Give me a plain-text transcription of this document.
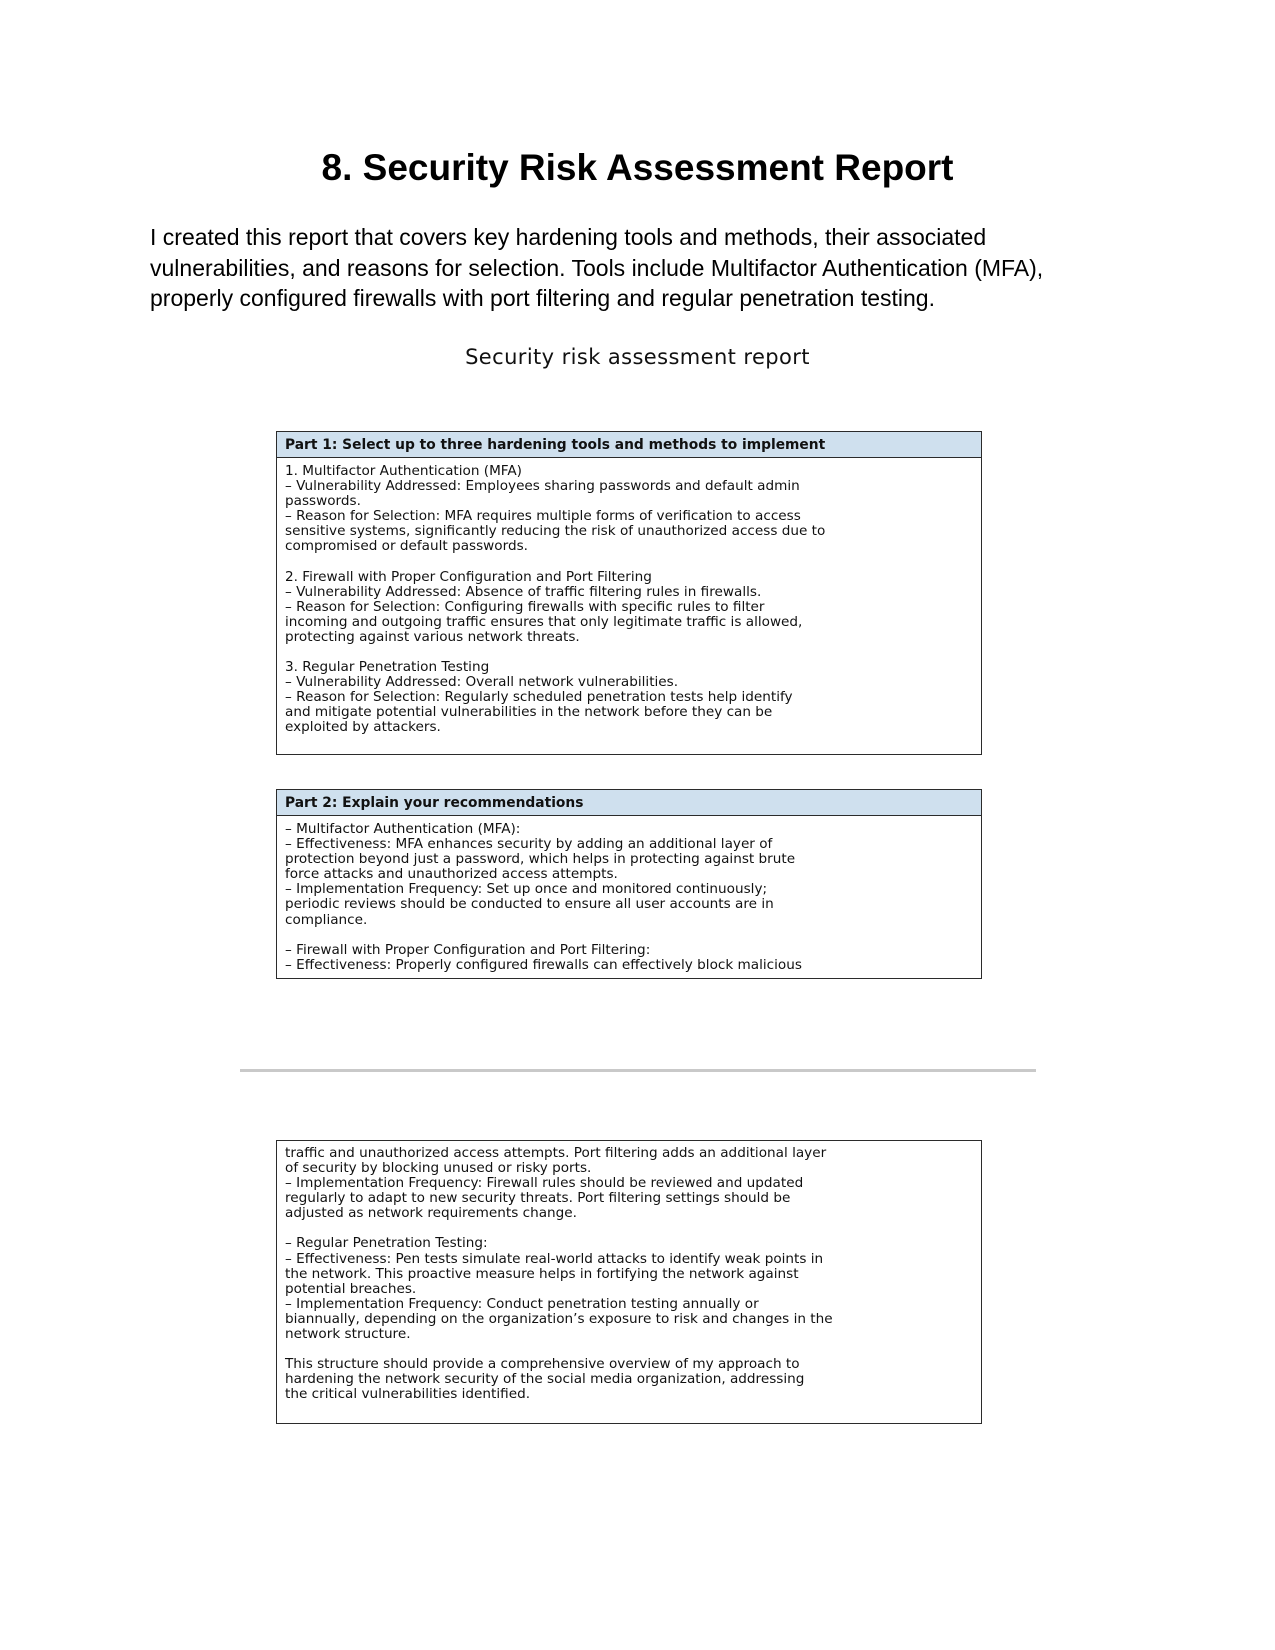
8. Security Risk Assessment Report
I created this report that covers key hardening tools and methods, their associated
vulnerabilities, and reasons for selection. Tools include Multifactor Authentication (MFA),
properly configured firewalls with port filtering and regular penetration testing.
Security risk assessment report
Part 1: Select up to three hardening tools and methods to implement
1. Multifactor Authentication (MFA)
– Vulnerability Addressed: Employees sharing passwords and default admin
passwords.
– Reason for Selection: MFA requires multiple forms of verification to access
sensitive systems, significantly reducing the risk of unauthorized access due to
compromised or default passwords.
2. Firewall with Proper Configuration and Port Filtering
– Vulnerability Addressed: Absence of traffic filtering rules in firewalls.
– Reason for Selection: Configuring firewalls with specific rules to filter
incoming and outgoing traffic ensures that only legitimate traffic is allowed,
protecting against various network threats.
3. Regular Penetration Testing
– Vulnerability Addressed: Overall network vulnerabilities.
– Reason for Selection: Regularly scheduled penetration tests help identify
and mitigate potential vulnerabilities in the network before they can be
exploited by attackers.
Part 2: Explain your recommendations
– Multifactor Authentication (MFA):
– Effectiveness: MFA enhances security by adding an additional layer of
protection beyond just a password, which helps in protecting against brute
force attacks and unauthorized access attempts.
– Implementation Frequency: Set up once and monitored continuously;
periodic reviews should be conducted to ensure all user accounts are in
compliance.
– Firewall with Proper Configuration and Port Filtering:
– Effectiveness: Properly configured firewalls can effectively block malicious
traffic and unauthorized access attempts. Port filtering adds an additional layer
of security by blocking unused or risky ports.
– Implementation Frequency: Firewall rules should be reviewed and updated
regularly to adapt to new security threats. Port filtering settings should be
adjusted as network requirements change.
– Regular Penetration Testing:
– Effectiveness: Pen tests simulate real-world attacks to identify weak points in
the network. This proactive measure helps in fortifying the network against
potential breaches.
– Implementation Frequency: Conduct penetration testing annually or
biannually, depending on the organization’s exposure to risk and changes in the
network structure.
This structure should provide a comprehensive overview of my approach to
hardening the network security of the social media organization, addressing
the critical vulnerabilities identified.
